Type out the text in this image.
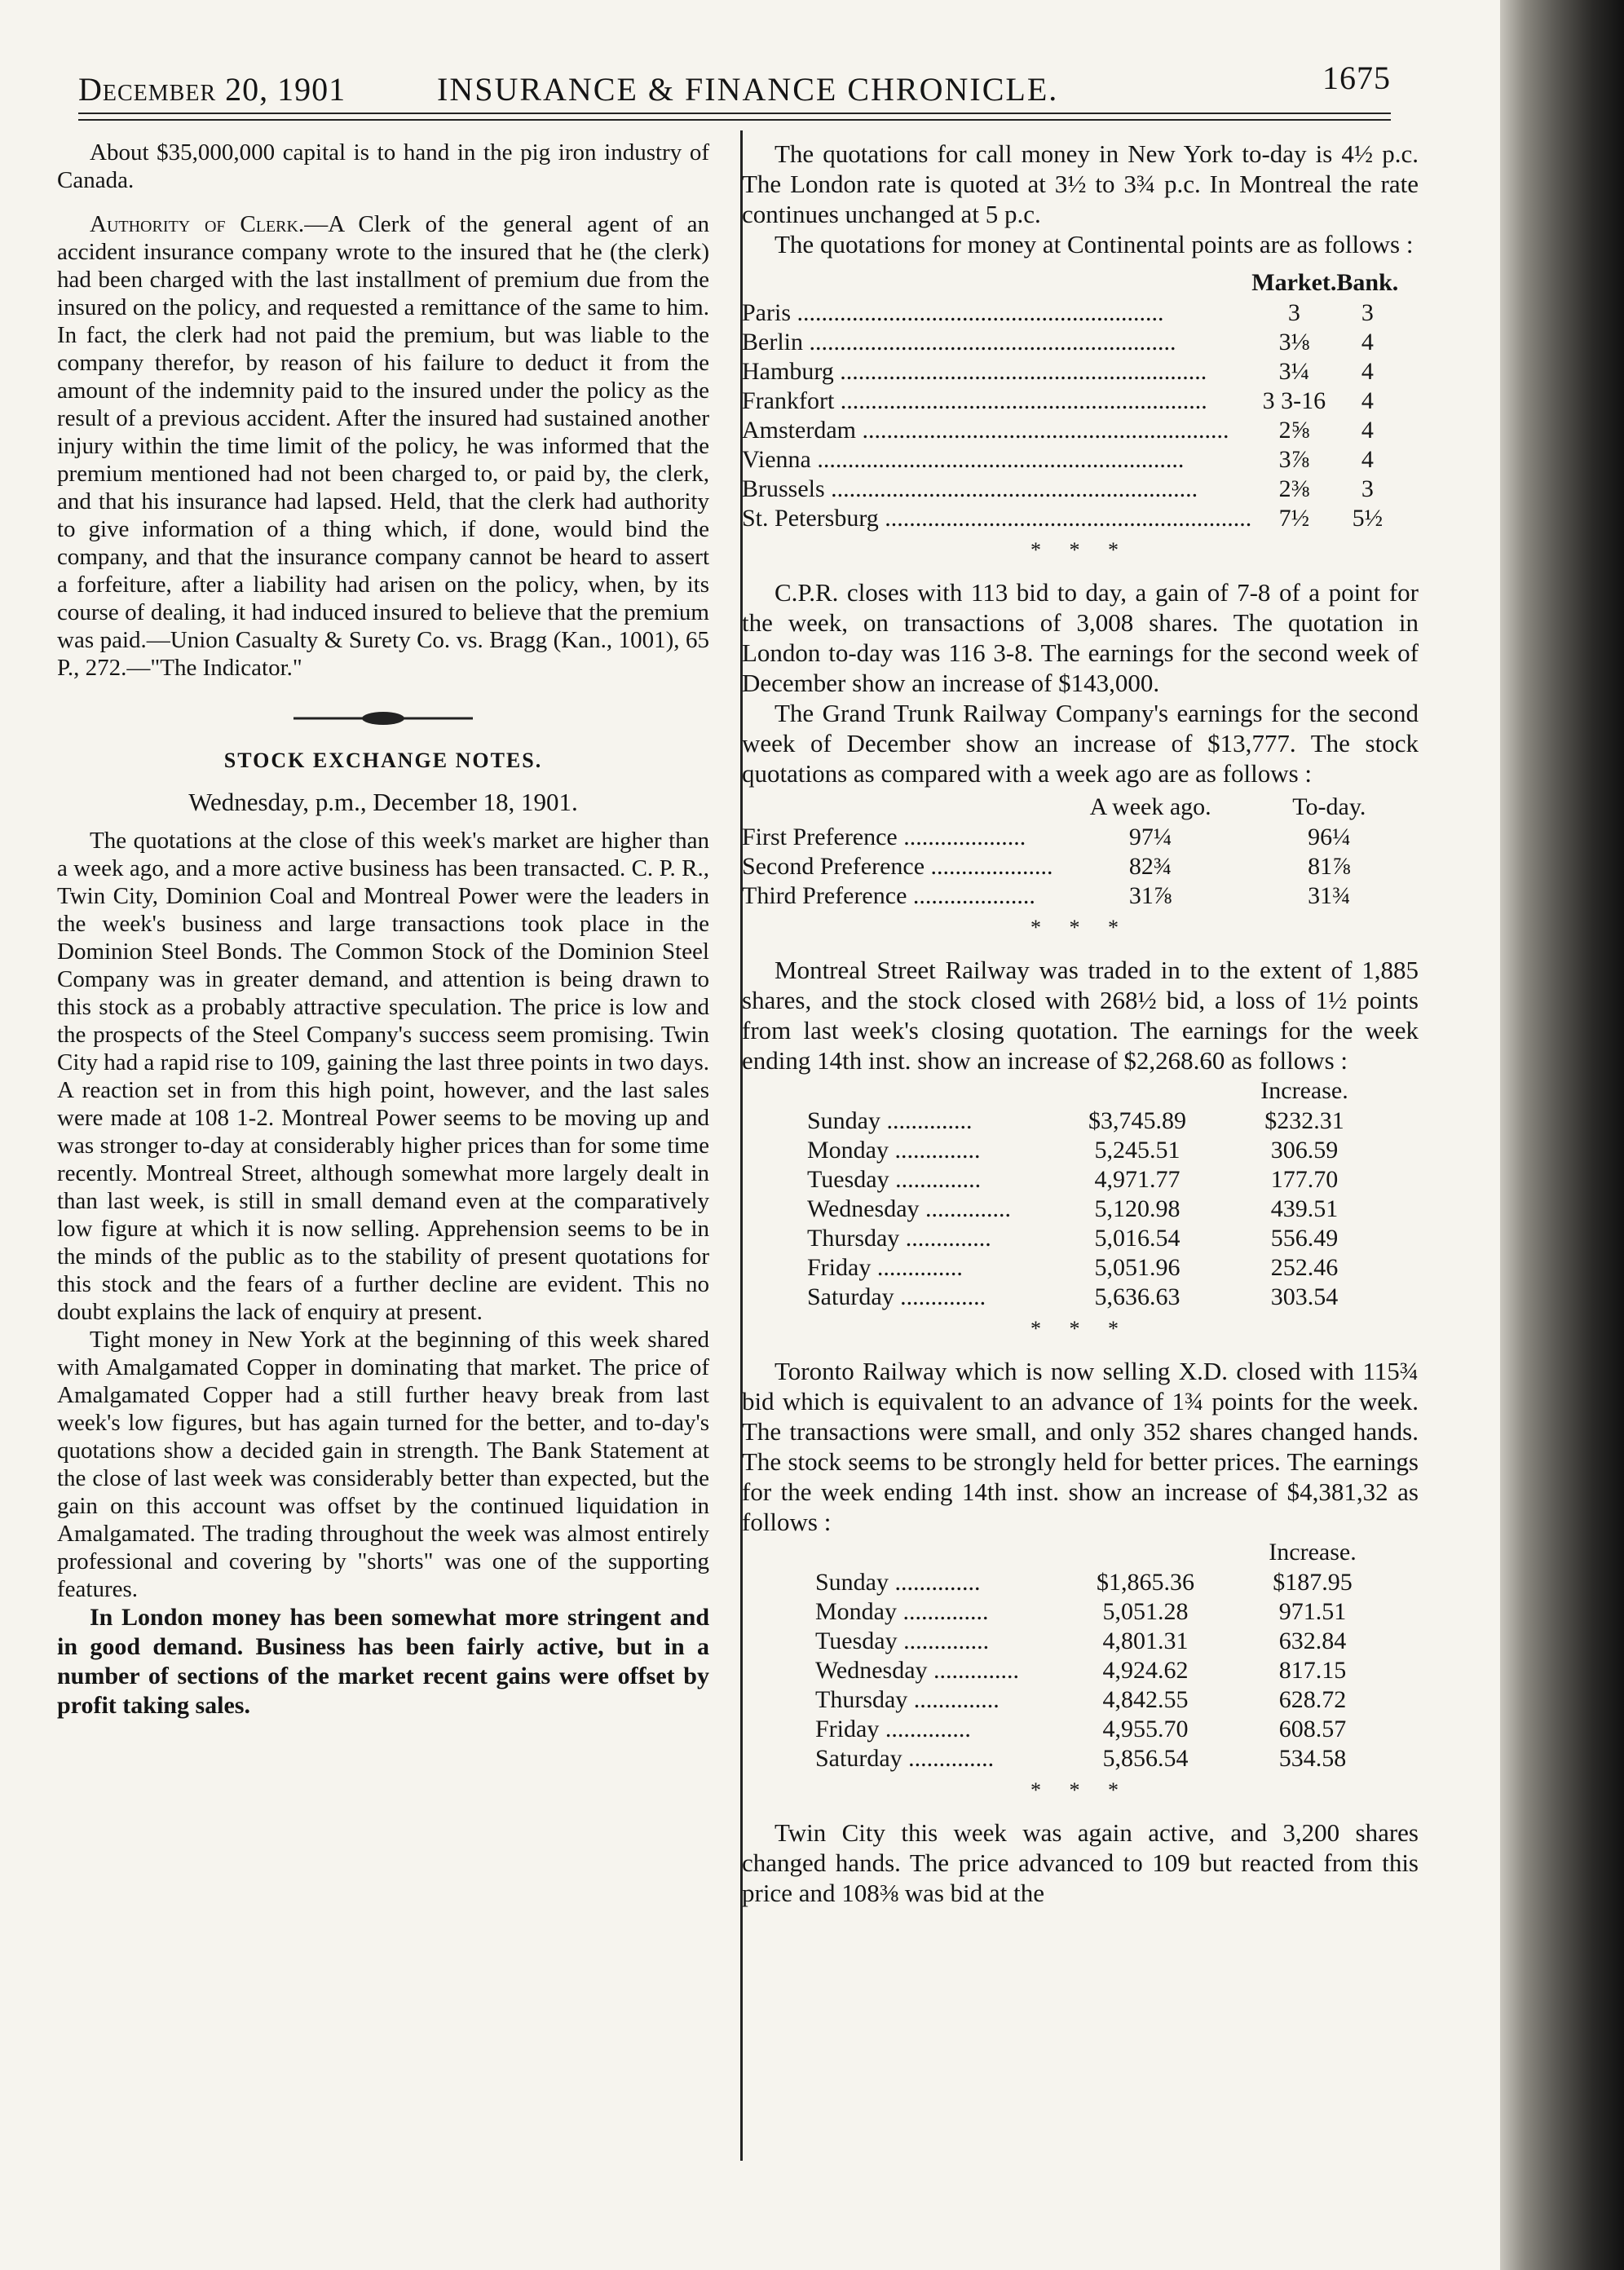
December 20, 1901	INSURANCE & FINANCE CHRONICLE.	1675

About $35,000,000 capital is to hand in the pig iron industry of Canada.

Authority of Clerk.—A Clerk of the general agent of an accident insurance company wrote to the insured that he (the clerk) had been charged with the last installment of premium due from the insured on the policy, and requested a remittance of the same to him. In fact, the clerk had not paid the premium, but was liable to the company therefor, by reason of his failure to deduct it from the amount of the indemnity paid to the insured under the policy as the result of a previous accident. After the insured had sustained another injury within the time limit of the policy, he was informed that the premium mentioned had not been charged to, or paid by, the clerk, and that his insurance had lapsed. Held, that the clerk had authority to give information of a thing which, if done, would bind the company, and that the insurance company cannot be heard to assert a forfeiture, after a liability had arisen on the policy, when, by its course of dealing, it had induced insured to believe that the premium was paid.—Union Casualty & Surety Co. vs. Bragg (Kan., 1001), 65 P., 272.—"The Indicator."

STOCK EXCHANGE NOTES.
Wednesday, p.m., December 18, 1901.

The quotations at the close of this week's market are higher than a week ago, and a more active business has been transacted. C. P. R., Twin City, Dominion Coal and Montreal Power were the leaders in the week's business and large transactions took place in the Dominion Steel Bonds. The Common Stock of the Dominion Steel Company was in greater demand, and attention is being drawn to this stock as a probably attractive speculation. The price is low and the prospects of the Steel Company's success seem promising. Twin City had a rapid rise to 109, gaining the last three points in two days. A reaction set in from this high point, however, and the last sales were made at 108 1-2. Montreal Power seems to be moving up and was stronger to-day at considerably higher prices than for some time recently. Montreal Street, although somewhat more largely dealt in than last week, is still in small demand even at the comparatively low figure at which it is now selling. Apprehension seems to be in the minds of the public as to the stability of present quotations for this stock and the fears of a further decline are evident. This no doubt explains the lack of enquiry at present.

Tight money in New York at the beginning of this week shared with Amalgamated Copper in dominating that market. The price of Amalgamated Copper had a still further heavy break from last week's low figures, but has again turned for the better, and to-day's quotations show a decided gain in strength. The Bank Statement at the close of last week was considerably better than expected, but the gain on this account was offset by the continued liquidation in Amalgamated. The trading throughout the week was almost entirely professional and covering by "shorts" was one of the supporting features.

In London money has been somewhat more stringent and in good demand. Business has been fairly active, but in a number of sections of the market recent gains were offset by profit taking sales.

The quotations for call money in New York to-day is 4½ p.c. The London rate is quoted at 3½ to 3¾ p.c. In Montreal the rate continues unchanged at 5 p.c.

The quotations for money at Continental points are as follows :

	Market.	Bank.
Paris ............................................................	3	3
Berlin ............................................................	3⅛	4
Hamburg ............................................................	3¼	4
Frankfort ............................................................	3 3-16	4
Amsterdam ............................................................	2⅝	4
Vienna ............................................................	3⅞	4
Brussels ............................................................	2⅜	3
St. Petersburg ............................................................	7½	5½
* * *

C.P.R. closes with 113 bid to day, a gain of 7-8 of a point for the week, on transactions of 3,008 shares. The quotation in London to-day was 116 3-8. The earnings for the second week of December show an increase of $143,000.

The Grand Trunk Railway Company's earnings for the second week of December show an increase of $13,777. The stock quotations as compared with a week ago are as follows :

	A week ago.	To-day.
First Preference ....................	97¼	96¼
Second Preference ....................	82¾	81⅞
Third Preference ....................	31⅞	31¾
* * *

Montreal Street Railway was traded in to the extent of 1,885 shares, and the stock closed with 268½ bid, a loss of 1½ points from last week's closing quotation. The earnings for the week ending 14th inst. show an increase of $2,268.60 as follows :

		Increase.
Sunday ..............	$3,745.89	$232.31
Monday ..............	5,245.51	306.59
Tuesday ..............	4,971.77	177.70
Wednesday ..............	5,120.98	439.51
Thursday ..............	5,016.54	556.49
Friday ..............	5,051.96	252.46
Saturday ..............	5,636.63	303.54
* * *

Toronto Railway which is now selling X.D. closed with 115¾ bid which is equivalent to an advance of 1¾ points for the week. The transactions were small, and only 352 shares changed hands. The stock seems to be strongly held for better prices. The earnings for the week ending 14th inst. show an increase of $4,381,32 as follows :

		Increase.
Sunday ..............	$1,865.36	$187.95
Monday ..............	5,051.28	971.51
Tuesday ..............	4,801.31	632.84
Wednesday ..............	4,924.62	817.15
Thursday ..............	4,842.55	628.72
Friday ..............	4,955.70	608.57
Saturday ..............	5,856.54	534.58
* * *

Twin City this week was again active, and 3,200 shares changed hands. The price advanced to 109 but reacted from this price and 108⅜ was bid at the
